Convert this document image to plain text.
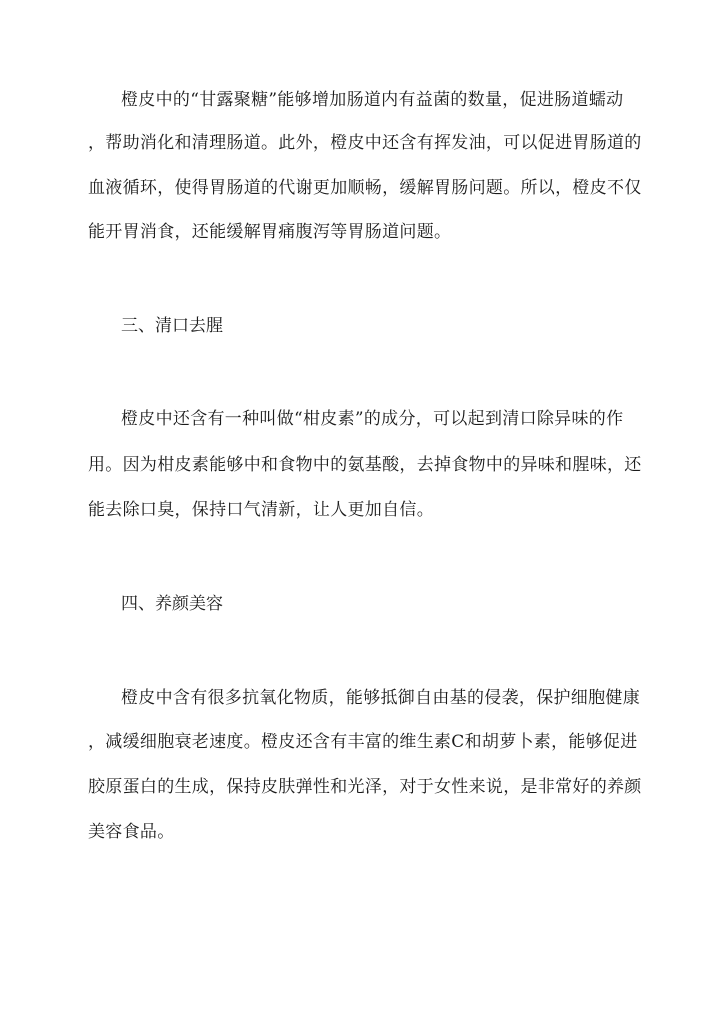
橙皮中的“甘露聚糖”能够增加肠道内有益菌的数量，促进肠道蠕动
，帮助消化和清理肠道。此外，橙皮中还含有挥发油，可以促进胃肠道的
血液循环，使得胃肠道的代谢更加顺畅，缓解胃肠问题。所以，橙皮不仅
能开胃消食，还能缓解胃痛腹泻等胃肠道问题。
三、清口去腥
橙皮中还含有一种叫做“柑皮素”的成分，可以起到清口除异味的作
用。因为柑皮素能够中和食物中的氨基酸，去掉食物中的异味和腥味，还
能去除口臭，保持口气清新，让人更加自信。
四、养颜美容
橙皮中含有很多抗氧化物质，能够抵御自由基的侵袭，保护细胞健康
，减缓细胞衰老速度。橙皮还含有丰富的维生素C和胡萝卜素，能够促进
胶原蛋白的生成，保持皮肤弹性和光泽，对于女性来说，是非常好的养颜
美容食品。
